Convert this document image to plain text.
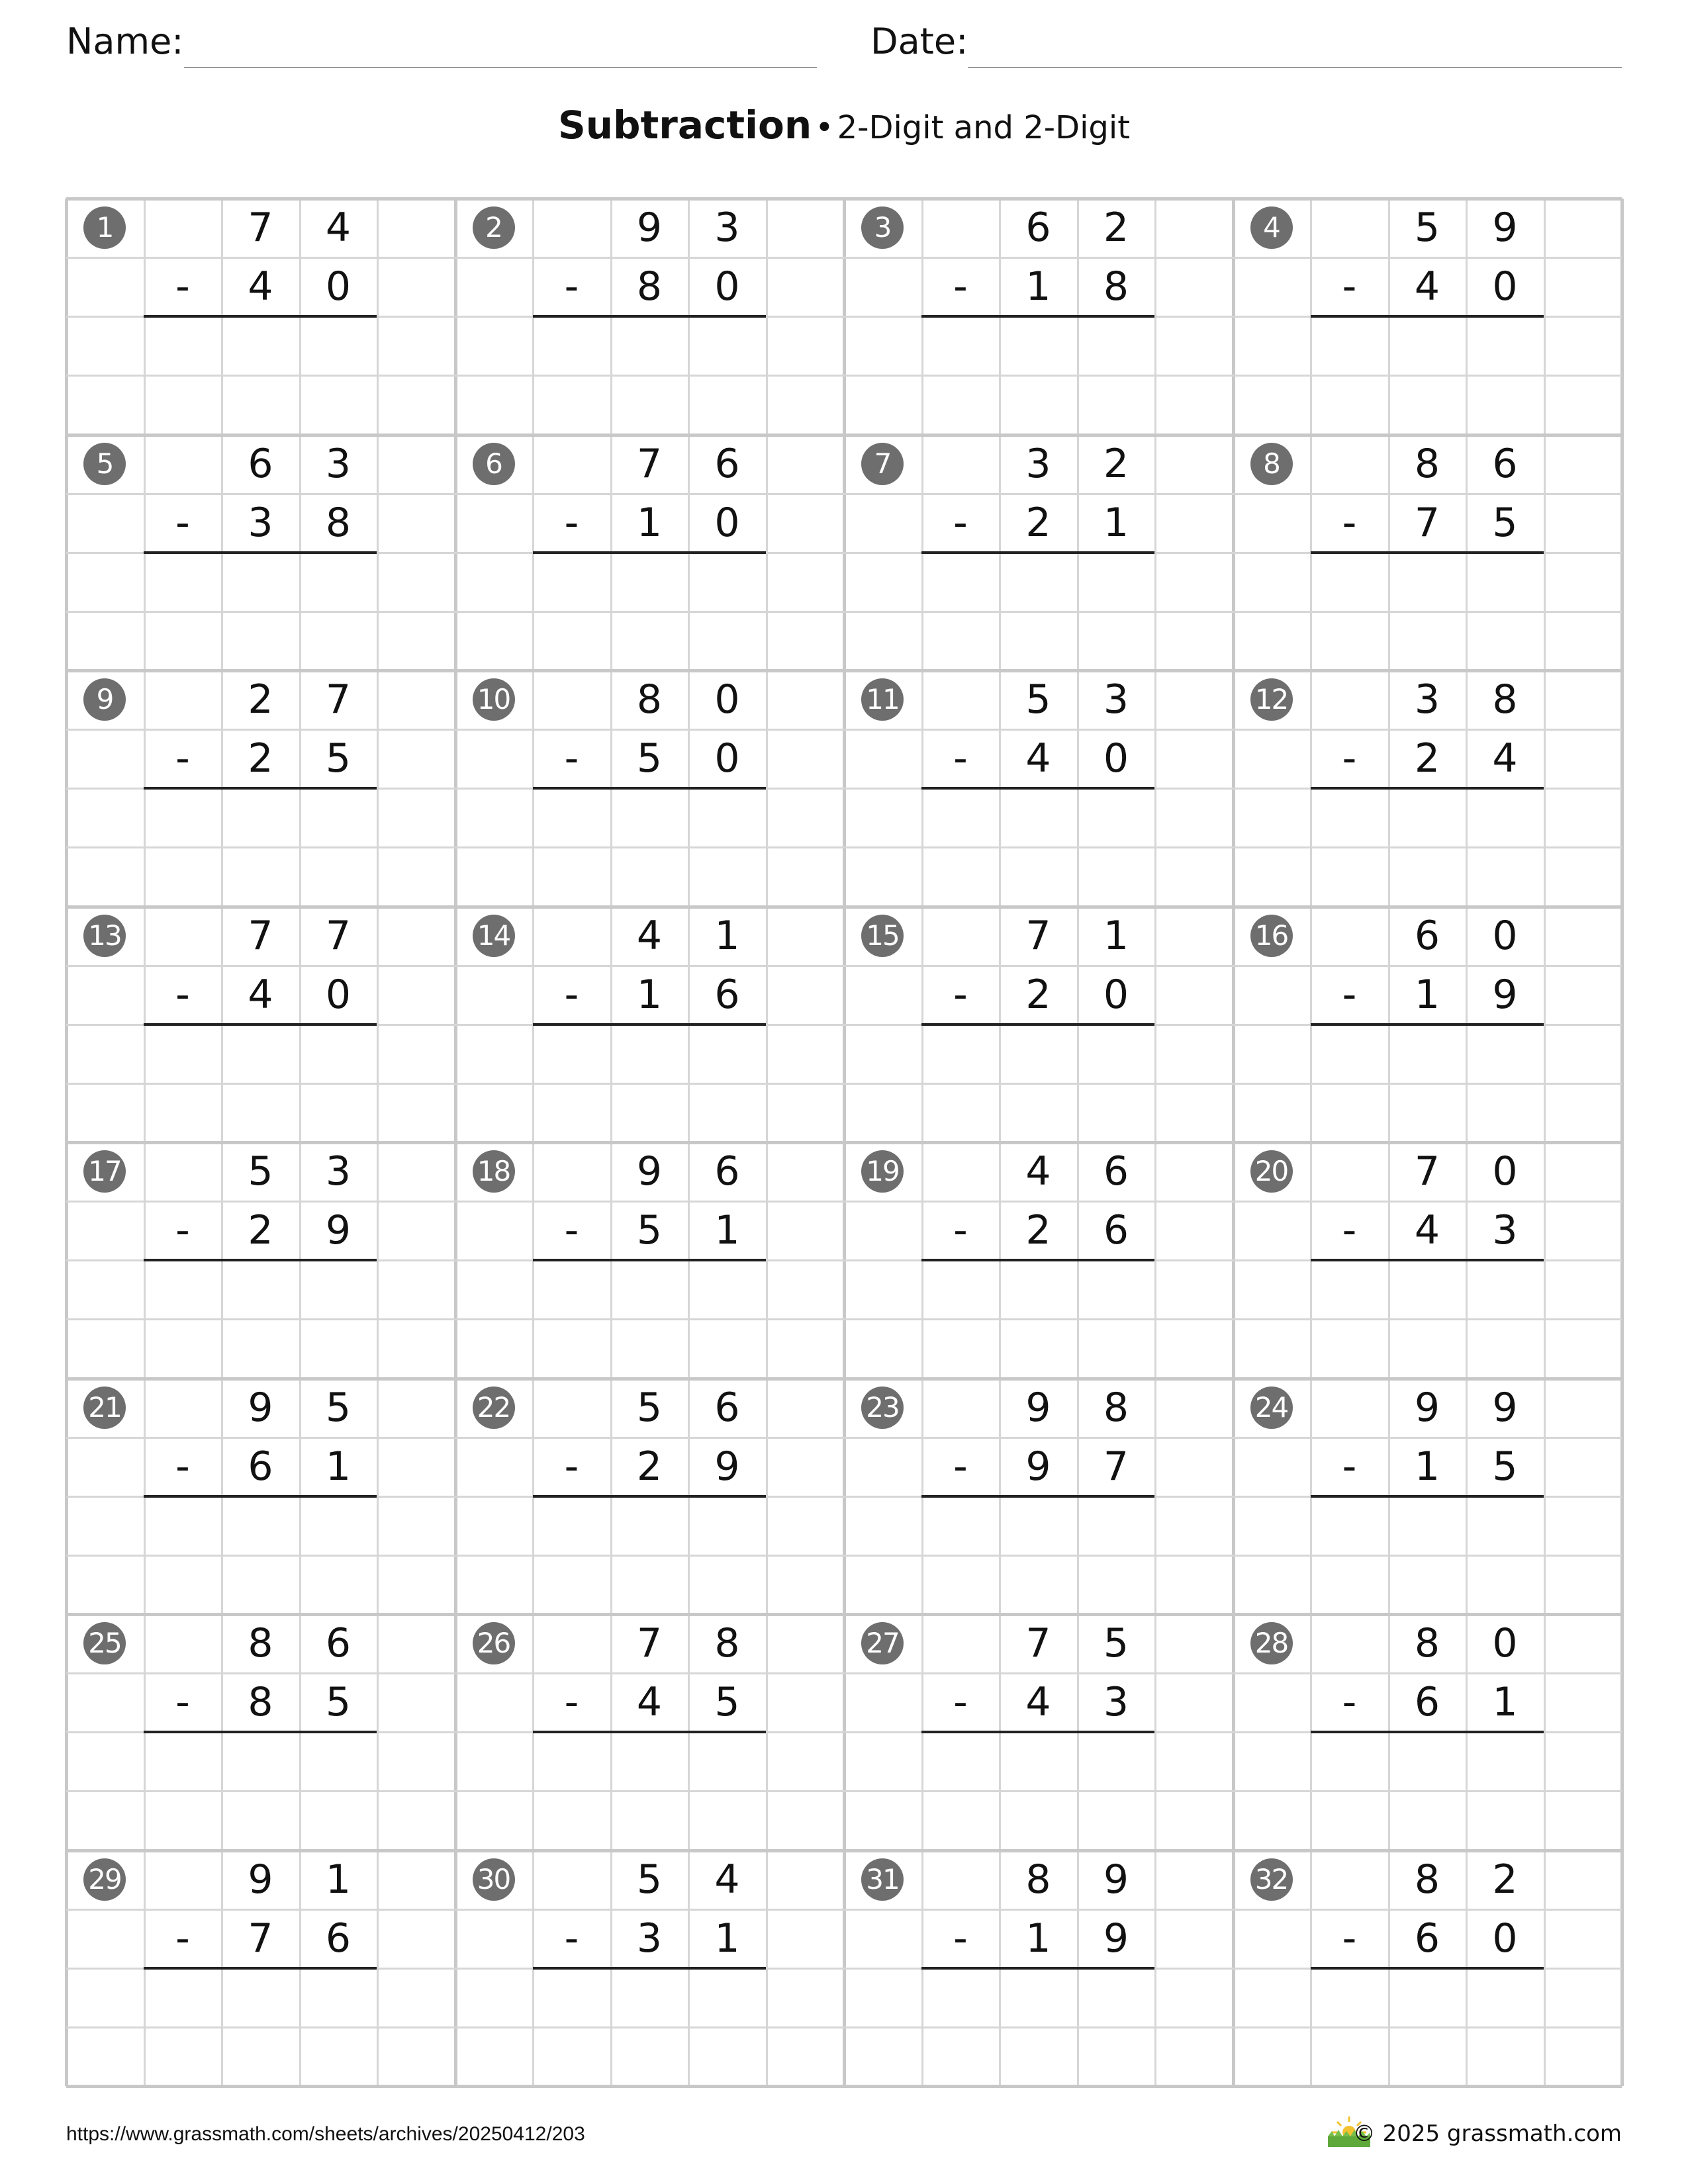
Name:	Date:
Subtraction • 2-Digit and 2-Digit
1	7	4
-	4	0
2	9	3
-	8	0
3	6	2
-	1	8
4	5	9
-	4	0
5	6	3
-	3	8
6	7	6
-	1	0
7	3	2
-	2	1
8	8	6
-	7	5
9	2	7
-	2	5
10	8	0
-	5	0
11	5	3
-	4	0
12	3	8
-	2	4
13	7	7
-	4	0
14	4	1
-	1	6
15	7	1
-	2	0
16	6	0
-	1	9
17	5	3
-	2	9
18	9	6
-	5	1
19	4	6
-	2	6
20	7	0
-	4	3
21	9	5
-	6	1
22	5	6
-	2	9
23	9	8
-	9	7
24	9	9
-	1	5
25	8	6
-	8	5
26	7	8
-	4	5
27	7	5
-	4	3
28	8	0
-	6	1
29	9	1
-	7	6
30	5	4
-	3	1
31	8	9
-	1	9
32	8	2
-	6	0
https://www.grassmath.com/sheets/archives/20250412/203	© 2025 grassmath.com
